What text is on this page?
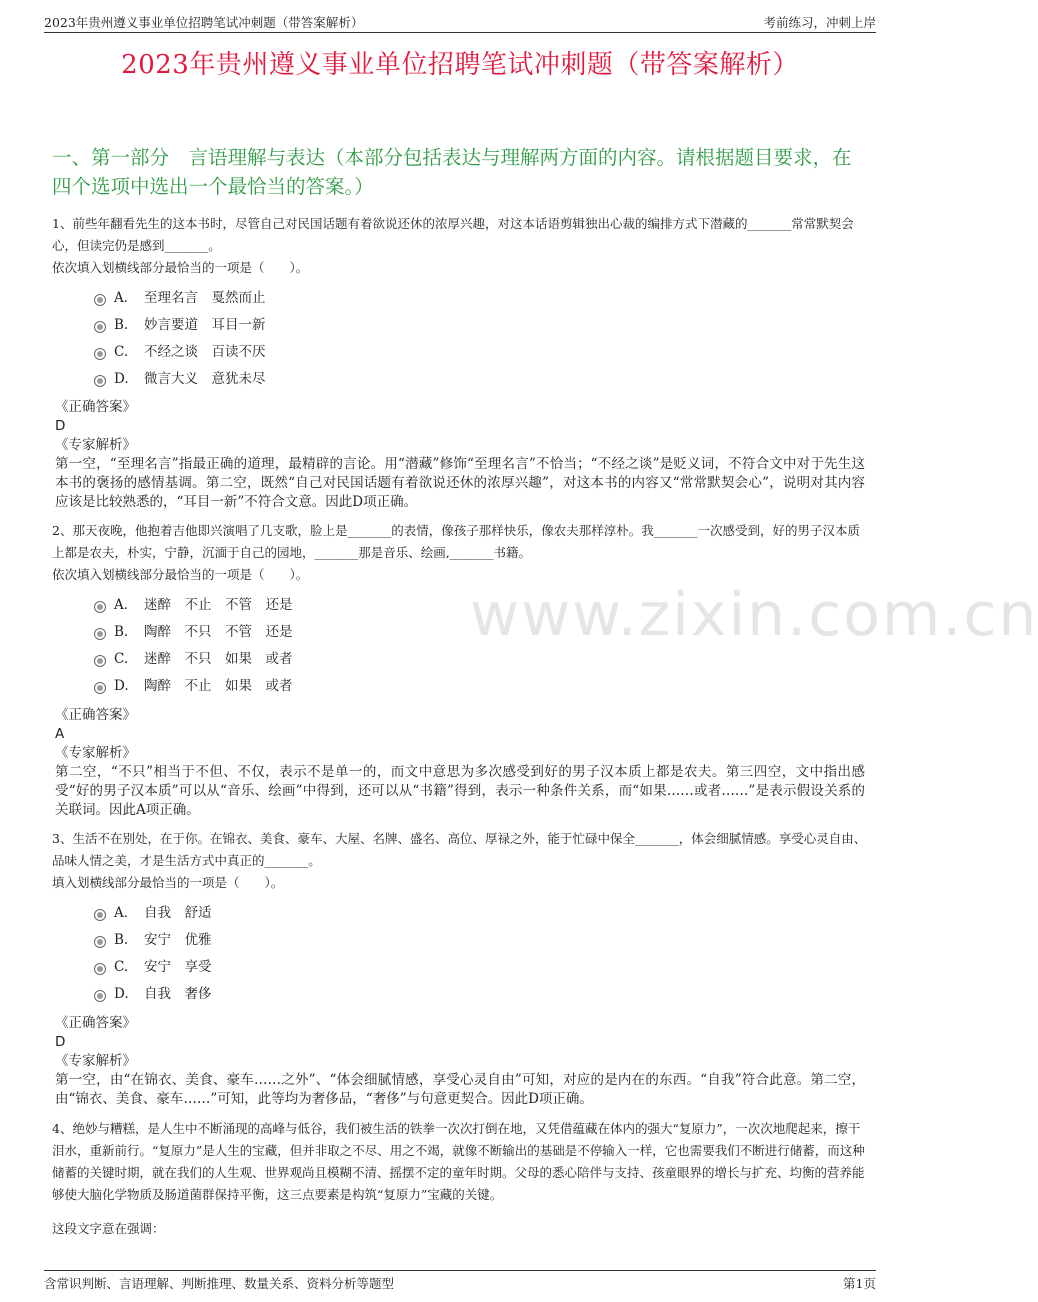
2023年贵州遵义事业单位招聘笔试冲刺题（带答案解析）	考前练习，冲刺上岸
2023年贵州遵义事业单位招聘笔试冲刺题（带答案解析）
一、第一部分　言语理解与表达（本部分包括表达与理解两方面的内容。请根据题目要求，在四个选项中选出一个最恰当的答案。）
www.zixin.com.cn
1、前些年翻看先生的这本书时，尽管自己对民国话题有着欲说还休的浓厚兴趣，对这本话语剪辑独出心裁的编排方式下潜藏的_______常常默契会心，但读完仍是感到_______。
依次填入划横线部分最恰当的一项是（　　）。
A． 至理名言　戛然而止
B. 妙言要道　耳目一新
C. 不经之谈　百读不厌
D. 微言大义　意犹未尽
《正确答案》
D
《专家解析》
第一空，“至理名言”指最正确的道理，最精辟的言论。用“潜藏”修饰“至理名言”不恰当；“不经之谈”是贬义词，不符合文中对于先生这本书的褒扬的感情基调。第二空，既然“自己对民国话题有着欲说还休的浓厚兴趣”，对这本书的内容又“常常默契会心”，说明对其内容应该是比较熟悉的，“耳目一新”不符合文意。因此D项正确。
2、那天夜晚，他抱着吉他即兴演唱了几支歌，脸上是_______的表情，像孩子那样快乐，像农夫那样淳朴。我_______一次感受到，好的男子汉本质上都是农夫，朴实，宁静，沉湎于自己的园地，_______那是音乐、绘画,_______书籍。
依次填入划横线部分最恰当的一项是（　　）。
A． 迷醉　不止　不管　还是
B. 陶醉　不只　不管　还是
C. 迷醉　不只　如果　或者
D. 陶醉　不止　如果　或者
《正确答案》
A
《专家解析》
第二空，“不只”相当于不但、不仅，表示不是单一的，而文中意思为多次感受到好的男子汉本质上都是农夫。第三四空，文中指出感受“好的男子汉本质”可以从“音乐、绘画”中得到，还可以从“书籍”得到，表示一种条件关系，而“如果……或者……”是表示假设关系的关联词。因此A项正确。
3、生活不在别处，在于你。在锦衣、美食、豪车、大屋、名牌、盛名、高位、厚禄之外，能于忙碌中保全_______，体会细腻情感。享受心灵自由、品味人情之美，才是生活方式中真正的_______。
填入划横线部分最恰当的一项是（　　）。
A． 自我　舒适
B. 安宁　优雅
C. 安宁　享受
D. 自我　奢侈
《正确答案》
D
《专家解析》
第一空，由“在锦衣、美食、豪车……之外”、“体会细腻情感，享受心灵自由”可知，对应的是内在的东西。“自我”符合此意。第二空，由“锦衣、美食、豪车……”可知，此等均为奢侈品，“奢侈”与句意更契合。因此D项正确。
4、绝妙与糟糕，是人生中不断涌现的高峰与低谷，我们被生活的铁拳一次次打倒在地，又凭借蕴藏在体内的强大“复原力”，一次次地爬起来，擦干泪水，重新前行。“复原力”是人生的宝藏，但并非取之不尽、用之不竭，就像不断输出的基础是不停输入一样，它也需要我们不断进行储蓄，而这种储蓄的关键时期，就在我们的人生观、世界观尚且模糊不清、摇摆不定的童年时期。父母的悉心陪伴与支持、孩童眼界的增长与扩充、均衡的营养能够使大脑化学物质及肠道菌群保持平衡，这三点要素是构筑“复原力”宝藏的关键。
这段文字意在强调：
含常识判断、言语理解、判断推理、数量关系、资料分析等题型	第1页
